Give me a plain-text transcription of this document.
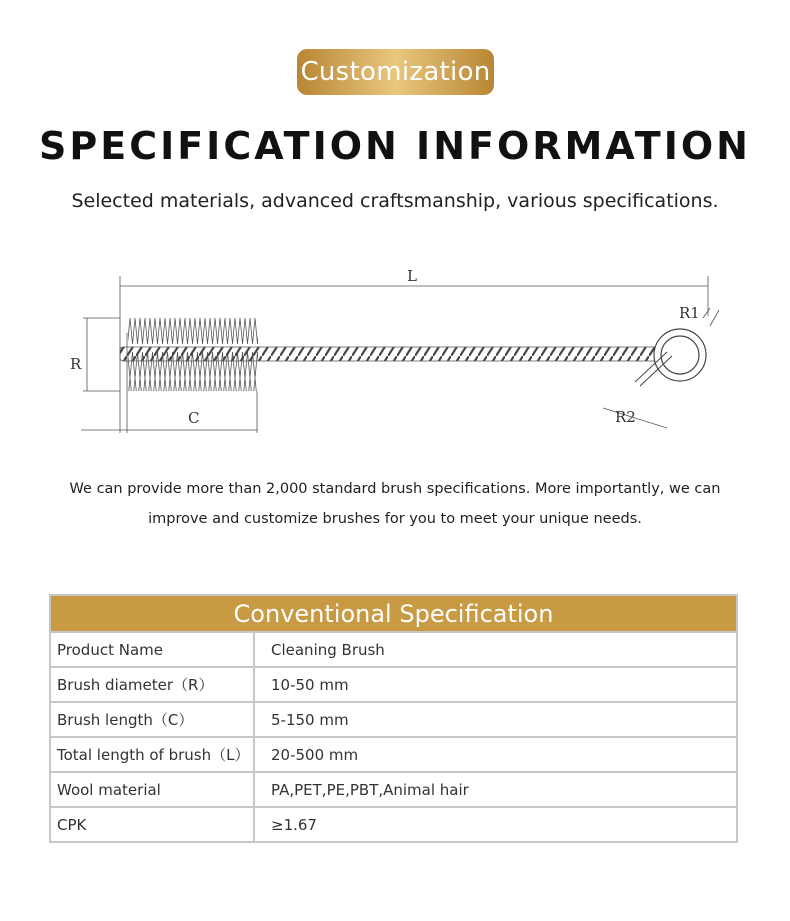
Customization
SPECIFICATION INFORMATION
Selected materials, advanced craftsmanship, various specifications.
L
R
C
R1
R2
We can provide more than 2,000 standard brush specifications. More importantly, we can
improve and customize brushes for you to meet your unique needs.
Conventional Specification	
Product Name	Cleaning Brush
Brush diameter（R）	10-50 mm
Brush length（C）	5-150 mm
Total length of brush（L）	20-500 mm
Wool material	PA,PET,PE,PBT,Animal hair
CPK	≥1.67
